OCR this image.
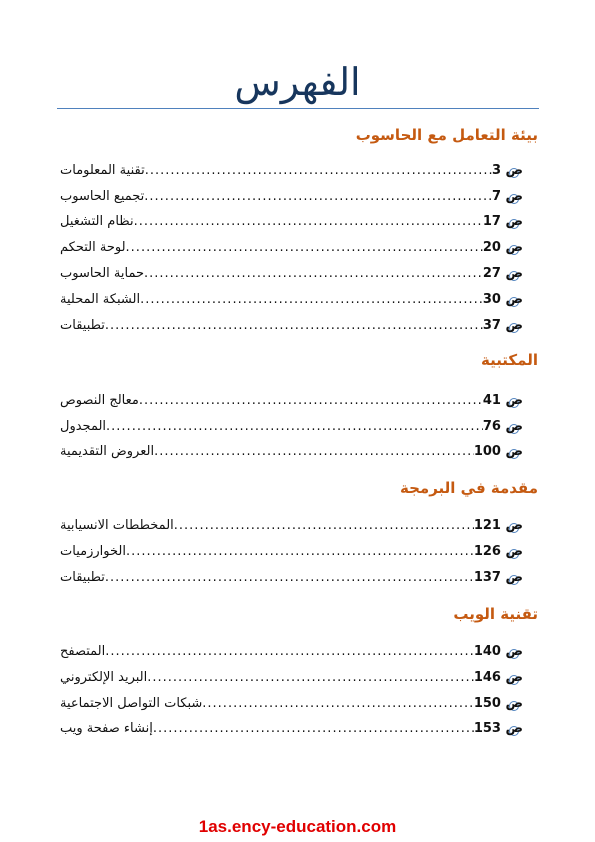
الفهرس
بيئة التعامل مع الحاسوب
تقنية المعلومات .....	ص 3
تجميع الحاسوب .....	ص 7
نظام التشغيل .....	ص 17
لوحة التحكم .....	ص 20
حماية الحاسوب .....	ص 27
الشبكة المحلية .....	ص 30
تطبيقات .....	ص 37
المكتبية
معالج النصوص .....	ص 41
المجدول .....	ص 76
العروض التقديمية .....	ص 100
مقدمة في البرمجة
المخططات الانسيابية .....	ص 121
الخوارزميات .....	ص 126
تطبيقات .....	ص 137
تقنية الويب
المتصفح .....	ص 140
البريد الإلكتروني .....	ص 146
شبكات التواصل الاجتماعية .....	ص 150
إنشاء صفحة ويب .....	ص 153
1as.ency-education.com
